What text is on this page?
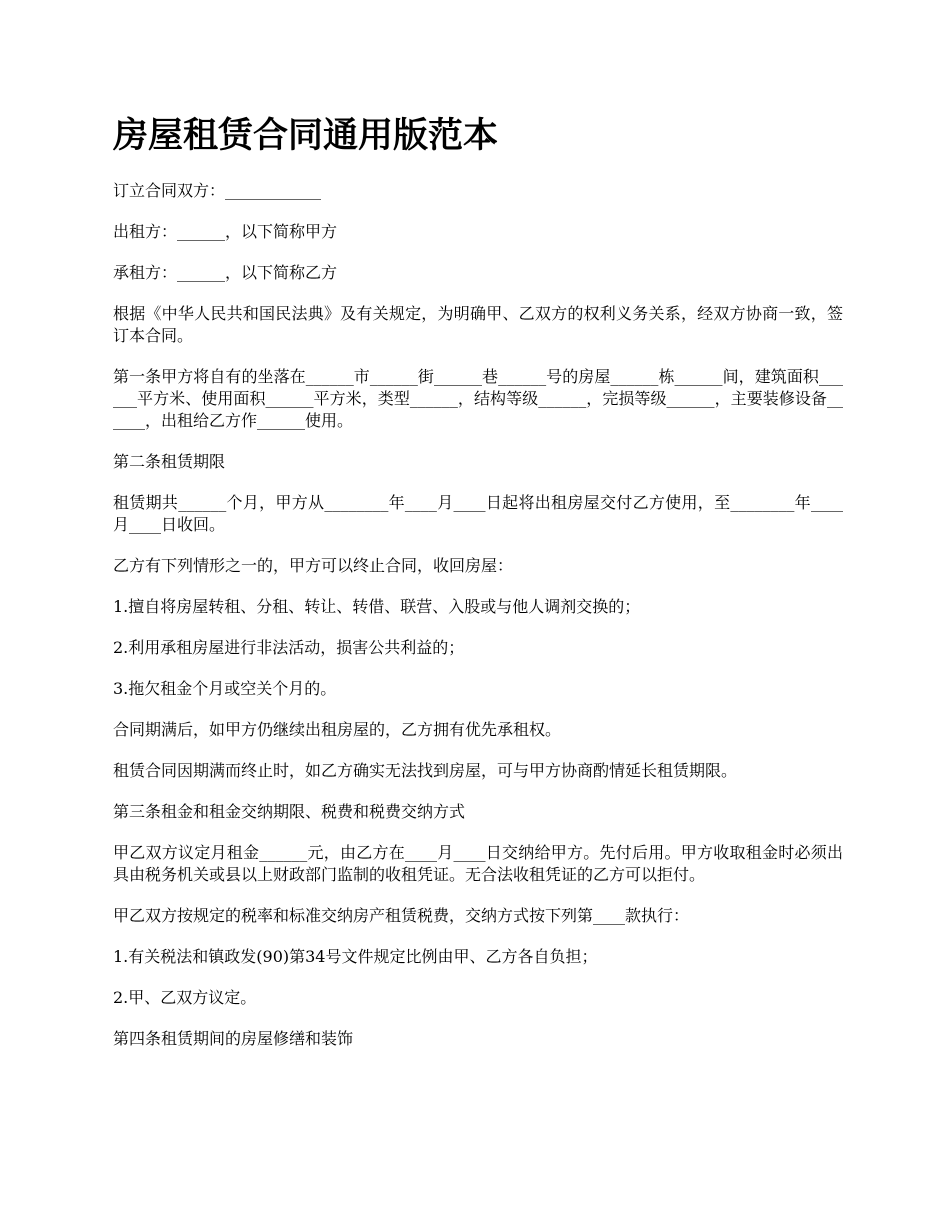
房屋租赁合同通用版范本

订立合同双方：____________

出租方：______，以下简称甲方

承租方：______，以下简称乙方

根据《中华人民共和国民法典》及有关规定，为明确甲、乙双方的权利义务关系，经双方协商一致，签订本合同。

第一条甲方将自有的坐落在______市______街______巷______号的房屋______栋______间，建筑面积______平方米、使用面积______平方米，类型______，结构等级______，完损等级______，主要装修设备______，出租给乙方作______使用。

第二条租赁期限

租赁期共______个月，甲方从________年____月____日起将出租房屋交付乙方使用，至________年____月____日收回。

乙方有下列情形之一的，甲方可以终止合同，收回房屋：

1.擅自将房屋转租、分租、转让、转借、联营、入股或与他人调剂交换的；

2.利用承租房屋进行非法活动，损害公共利益的；

3.拖欠租金个月或空关个月的。

合同期满后，如甲方仍继续出租房屋的，乙方拥有优先承租权。

租赁合同因期满而终止时，如乙方确实无法找到房屋，可与甲方协商酌情延长租赁期限。

第三条租金和租金交纳期限、税费和税费交纳方式

甲乙双方议定月租金______元，由乙方在____月____日交纳给甲方。先付后用。甲方收取租金时必须出具由税务机关或县以上财政部门监制的收租凭证。无合法收租凭证的乙方可以拒付。

甲乙双方按规定的税率和标准交纳房产租赁税费，交纳方式按下列第____款执行：

1.有关税法和镇政发(90)第34号文件规定比例由甲、乙方各自负担；

2.甲、乙双方议定。

第四条租赁期间的房屋修缮和装饰
